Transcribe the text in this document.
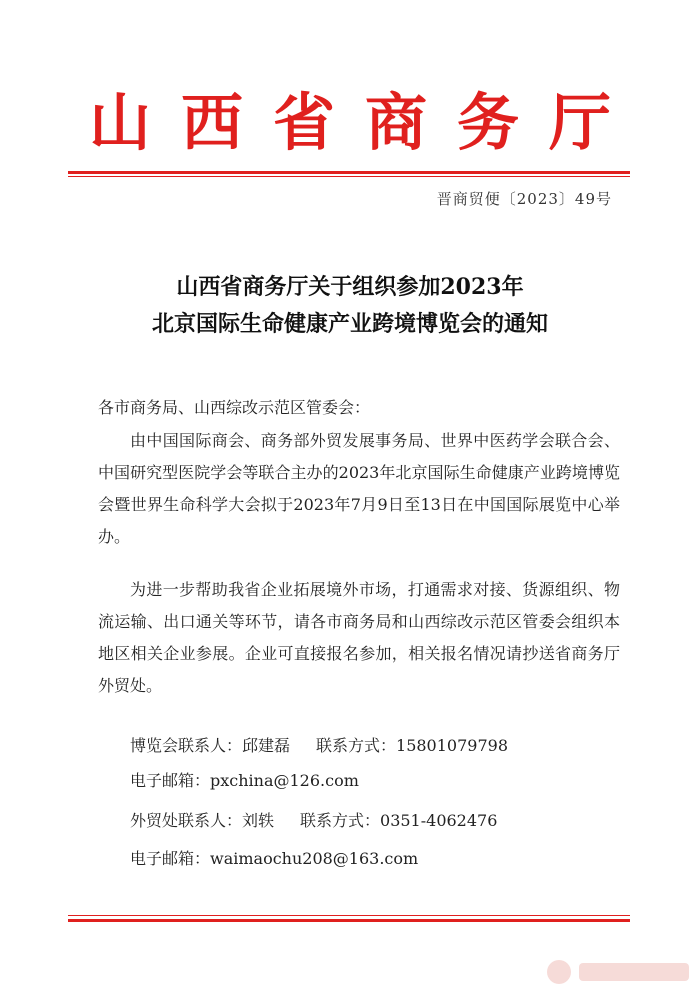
山西省商务厅
晋商贸便〔2023〕49号
山西省商务厅关于组织参加2023年
北京国际生命健康产业跨境博览会的通知
各市商务局、山西综改示范区管委会：

由中国国际商会、商务部外贸发展事务局、世界中医药学会联合会、中国研究型医院学会等联合主办的2023年北京国际生命健康产业跨境博览会暨世界生命科学大会拟于2023年7月9日至13日在中国国际展览中心举办。

为进一步帮助我省企业拓展境外市场，打通需求对接、货源组织、物流运输、出口通关等环节，请各市商务局和山西综改示范区管委会组织本地区相关企业参展。企业可直接报名参加，相关报名情况请抄送省商务厅外贸处。

博览会联系人：邱建磊 联系方式：15801079798
电子邮箱：pxchina@126.com
外贸处联系人：刘轶 联系方式：0351-4062476
电子邮箱：waimaochu208@163.com
